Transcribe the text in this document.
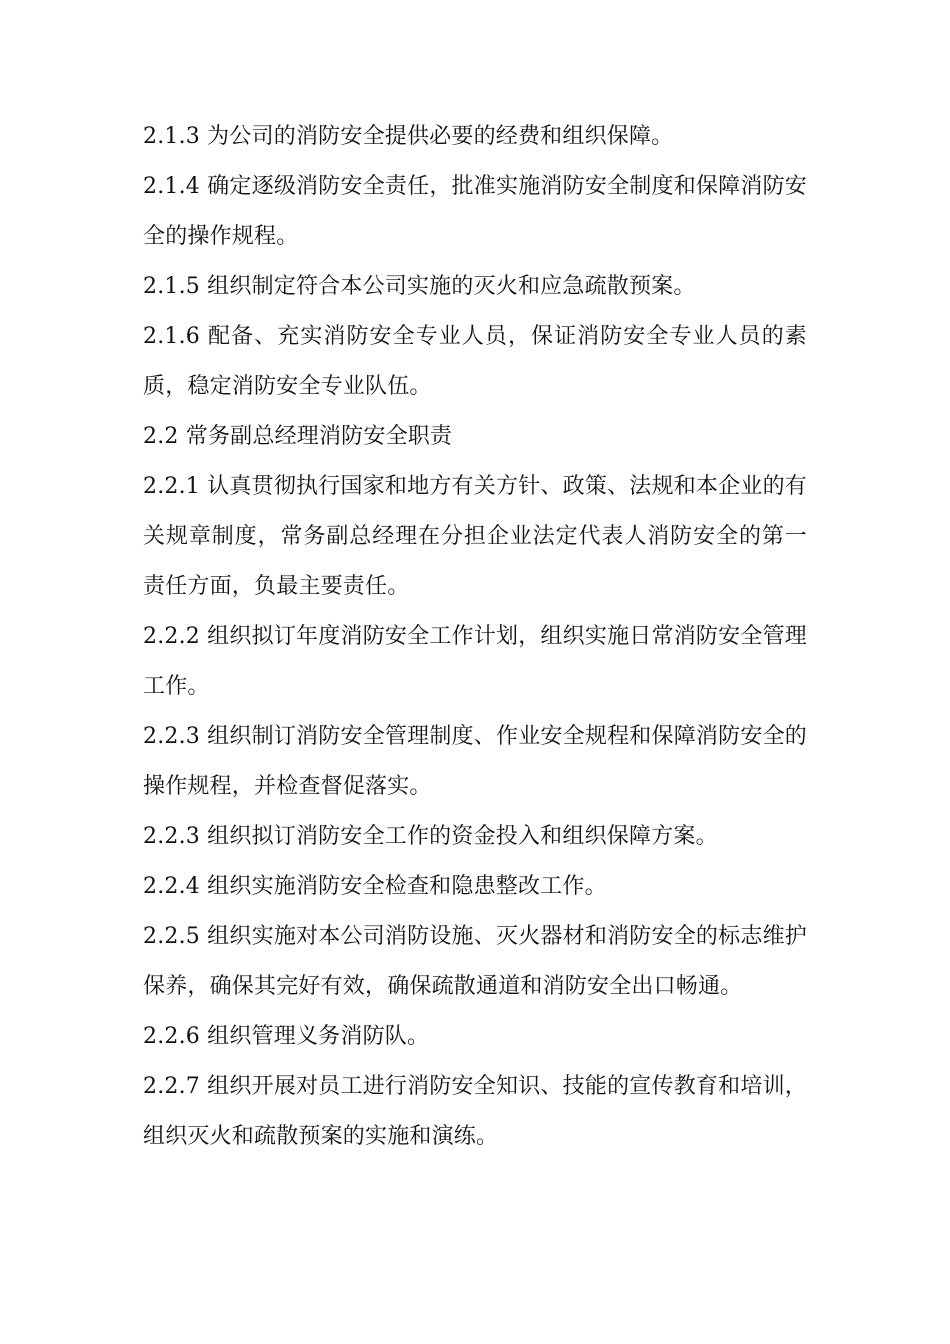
2.1.3 为公司的消防安全提供必要的经费和组织保障。

2.1.4 确定逐级消防安全责任，批准实施消防安全制度和保障消防安全的操作规程。

2.1.5 组织制定符合本公司实施的灭火和应急疏散预案。

2.1.6 配备、充实消防安全专业人员，保证消防安全专业人员的素质，稳定消防安全专业队伍。

2.2 常务副总经理消防安全职责

2.2.1 认真贯彻执行国家和地方有关方针、政策、法规和本企业的有关规章制度，常务副总经理在分担企业法定代表人消防安全的第一责任方面，负最主要责任。

2.2.2 组织拟订年度消防安全工作计划，组织实施日常消防安全管理工作。

2.2.3 组织制订消防安全管理制度、作业安全规程和保障消防安全的操作规程，并检查督促落实。

2.2.3 组织拟订消防安全工作的资金投入和组织保障方案。

2.2.4 组织实施消防安全检查和隐患整改工作。

2.2.5 组织实施对本公司消防设施、灭火器材和消防安全的标志维护保养，确保其完好有效，确保疏散通道和消防安全出口畅通。

2.2.6 组织管理义务消防队。

2.2.7 组织开展对员工进行消防安全知识、技能的宣传教育和培训，组织灭火和疏散预案的实施和演练。
